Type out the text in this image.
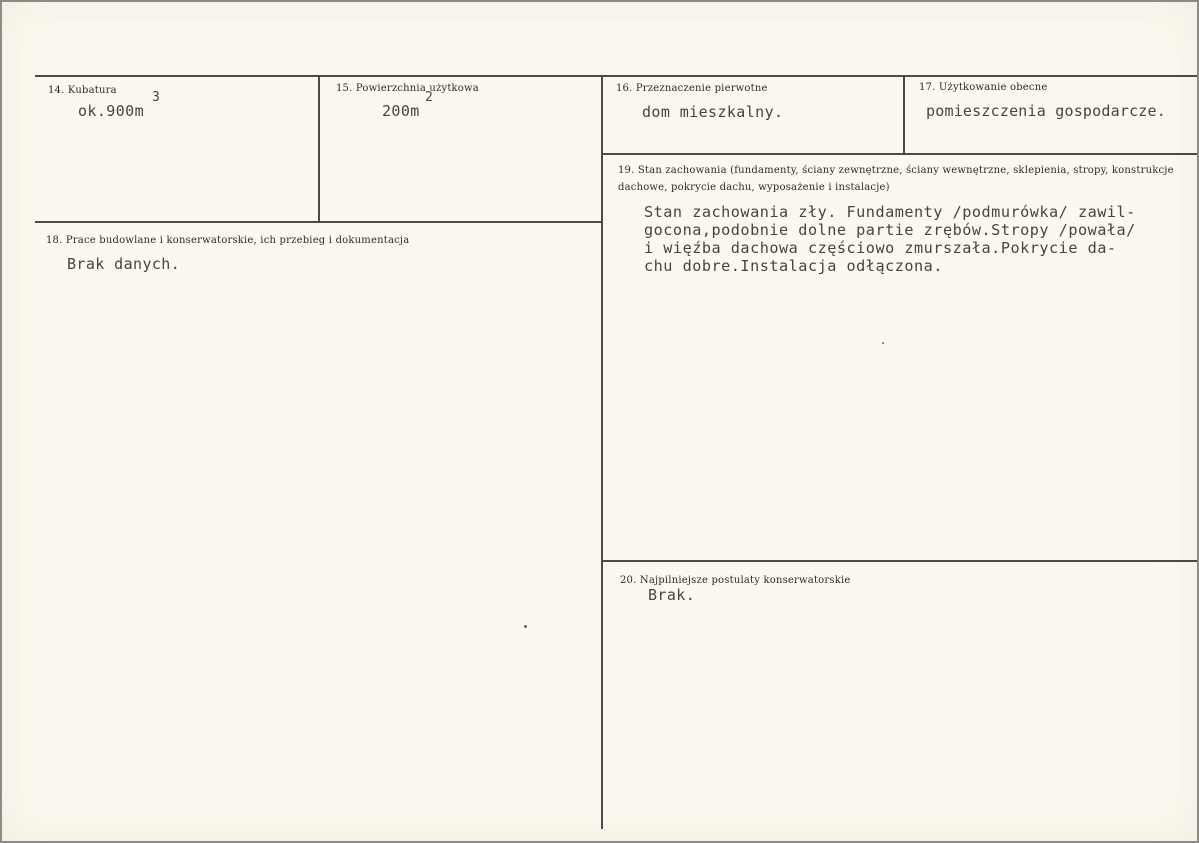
14. Kubatura
ok.900m
3
15. Powierzchnia użytkowa
200m
2
16. Przeznaczenie pierwotne
dom mieszkalny.
17. Użytkowanie obecne
pomieszczenia gospodarcze.
18. Prace budowlane i konserwatorskie, ich przebieg i dokumentacja
Brak danych.
19. Stan zachowania (fundamenty, ściany zewnętrzne, ściany wewnętrzne, sklepienia, stropy, konstrukcje dachowe, pokrycie dachu, wyposażenie i instalacje)
Stan zachowania zły. Fundamenty /podmurówka/ zawil-
gocona,podobnie dolne partie zrębów.Stropy /powała/
i więźba dachowa częściowo zmurszała.Pokrycie da-
chu dobre.Instalacja odłączona.
20. Najpilniejsze postulaty konserwatorskie
Brak.
